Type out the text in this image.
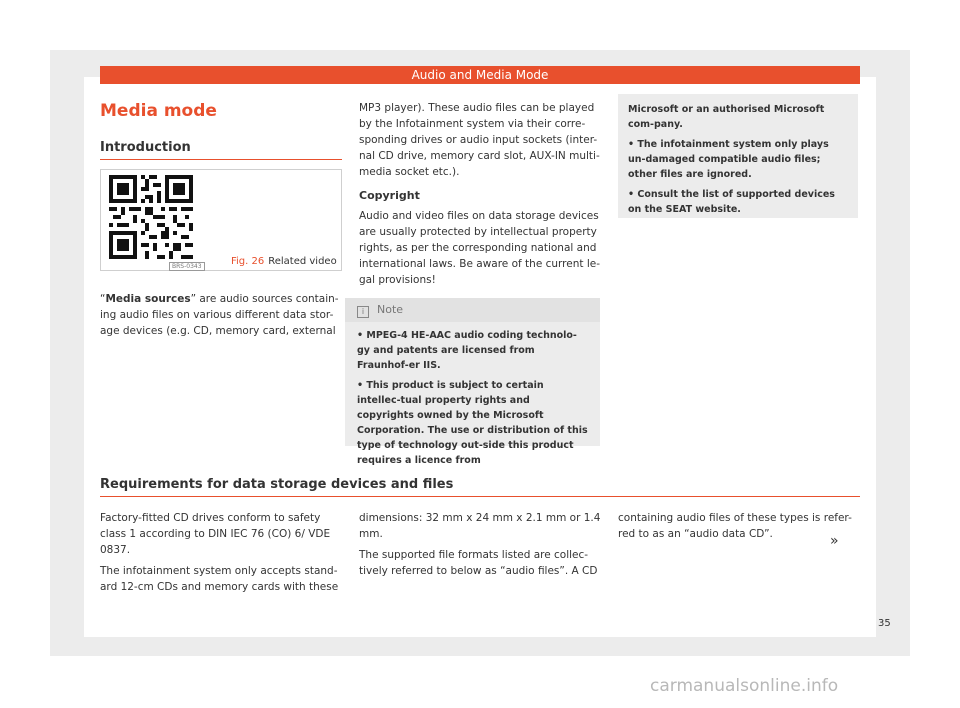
Audio and Media Mode
Media mode
Introduction
BRS-0343	Fig. 26 Related video

“Media sources” are audio sources contain-ing audio files on various different data stor-age devices (e.g. CD, memory card, external

MP3 player). These audio files can be played by the Infotainment system via their corre-sponding drives or audio input sockets (inter-nal CD drive, memory card slot, AUX-IN multi-media socket etc.).

Copyright

Audio and video files on data storage devices are usually protected by intellectual property rights, as per the corresponding national and international laws. Be aware of the current le-gal provisions!

i Note

• MPEG-4 HE-AAC audio coding technolo-gy and patents are licensed from Fraunhof-er IIS.

• This product is subject to certain intellec-tual property rights and copyrights owned by the Microsoft Corporation. The use or distribution of this type of technology out-side this product requires a licence from

Microsoft or an authorised Microsoft com-pany.

• The infotainment system only plays un-damaged compatible audio files; other files are ignored.

• Consult the list of supported devices on the SEAT website.

Requirements for data storage devices and files

Factory-fitted CD drives conform to safety class 1 according to DIN IEC 76 (CO) 6/ VDE 0837.

The infotainment system only accepts stand-ard 12-cm CDs and memory cards with these

dimensions: 32 mm x 24 mm x 2.1 mm or 1.4 mm.

The supported file formats listed are collec-tively referred to below as “audio files”. A CD

containing audio files of these types is refer-red to as an “audio data CD”.	»
35
carmanualsonline.info
